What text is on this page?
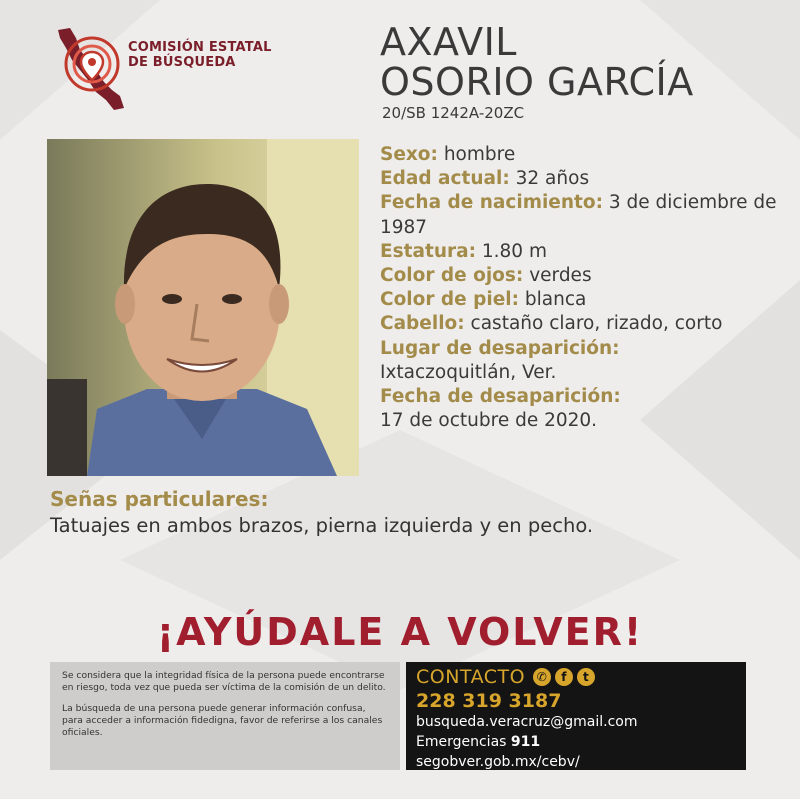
COMISIÓN ESTATAL
DE BÚSQUEDA	AXAVIL
OSORIO GARCÍA
20/SB 1242A-20ZC
Sexo: hombre
Edad actual: 32 años
Fecha de nacimiento: 3 de diciembre de 1987
Estatura: 1.80 m
Color de ojos: verdes
Color de piel: blanca
Cabello: castaño claro, rizado, corto
Lugar de desaparición:
Ixtaczoquitlán, Ver.
Fecha de desaparición:
17 de octubre de 2020.
Señas particulares:
Tatuajes en ambos brazos, pierna izquierda y en pecho.
¡AYÚDALE A VOLVER!

Se considera que la integridad física de la persona puede encontrarse en riesgo, toda vez que pueda ser víctima de la comisión de un delito.

La búsqueda de una persona puede generar información confusa, para acceder a información fidedigna, favor de referirse a los canales oficiales.

CONTACTO ✆	f	t
228 319 3187
busqueda.veracruz@gmail.com
Emergencias 911
segobver.gob.mx/cebv/
